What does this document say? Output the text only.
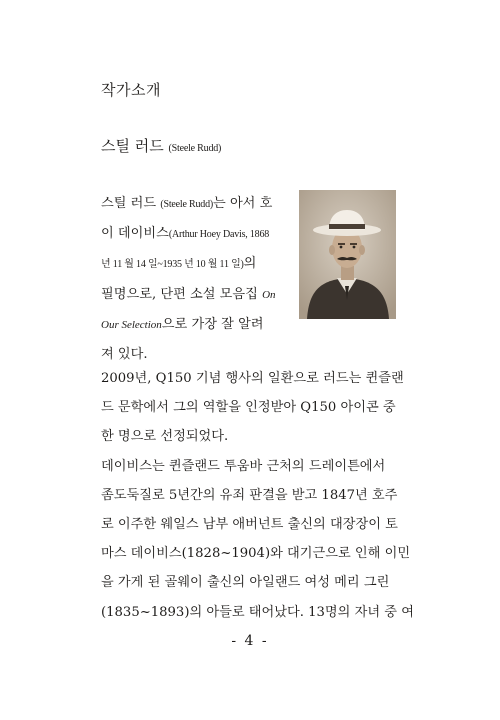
작가소개
스틸 러드 (Steele Rudd)
스틸 러드 (Steele Rudd)는 아서 호
이 데이비스(Arthur Hoey Davis, 1868
년 11 월 14 일~1935 년 10 월 11 일)의
필명으로, 단편 소설 모음집 On
Our Selection으로 가장 잘 알려
져 있다.
2009년, Q150 기념 행사의 일환으로 러드는 퀸즐랜
드 문학에서 그의 역할을 인정받아 Q150 아이콘 중
한 명으로 선정되었다.
데이비스는 퀸즐랜드 투움바 근처의 드레이튼에서
좀도둑질로 5년간의 유죄 판결을 받고 1847년 호주
로 이주한 웨일스 남부 애버넌트 출신의 대장장이 토
마스 데이비스(1828~1904)와 대기근으로 인해 이민
을 가게 된 골웨이 출신의 아일랜드 여성 메리 그린
(1835~1893)의 아들로 태어났다. 13명의 자녀 중 여
- 4 -
